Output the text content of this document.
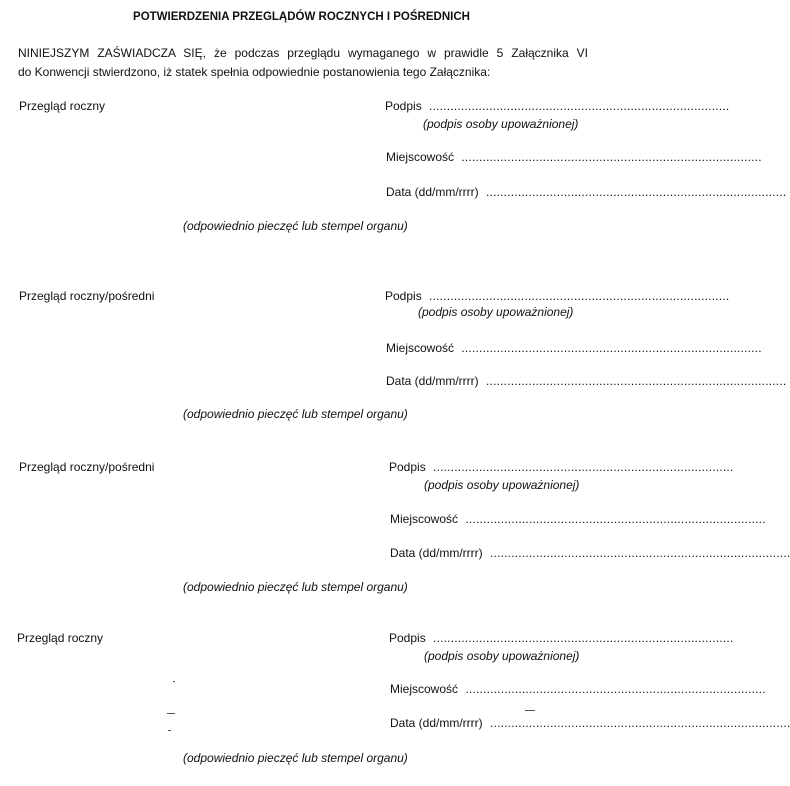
POTWIERDZENIA PRZEGLĄDÓW ROCZNYCH I POŚREDNICH
NINIEJSZYM ZAŚWIADCZA SIĘ, że podczas przeglądu wymaganego w prawidle 5 Załącznika VI
do Konwencji stwierdzono, iż statek spełnia odpowiednie postanowienia tego Załącznika:
Przegląd roczny	Podpis .....................................................................................
(podpis osoby upoważnionej)
Miejscowość .....................................................................................
Data (dd/mm/rrrr) .....................................................................................
(odpowiednio pieczęć lub stempel organu)
Przegląd roczny/pośredni	Podpis .....................................................................................
(podpis osoby upoważnionej)
Miejscowość .....................................................................................
Data (dd/mm/rrrr) .....................................................................................
(odpowiednio pieczęć lub stempel organu)
Przegląd roczny/pośredni	Podpis .....................................................................................
(podpis osoby upoważnionej)
Miejscowość .....................................................................................
Data (dd/mm/rrrr) .....................................................................................
(odpowiednio pieczęć lub stempel organu)
Przegląd roczny	Podpis .....................................................................................
(podpis osoby upoważnionej)
Miejscowość .....................................................................................
Data (dd/mm/rrrr) .....................................................................................
(odpowiednio pieczęć lub stempel organu)
